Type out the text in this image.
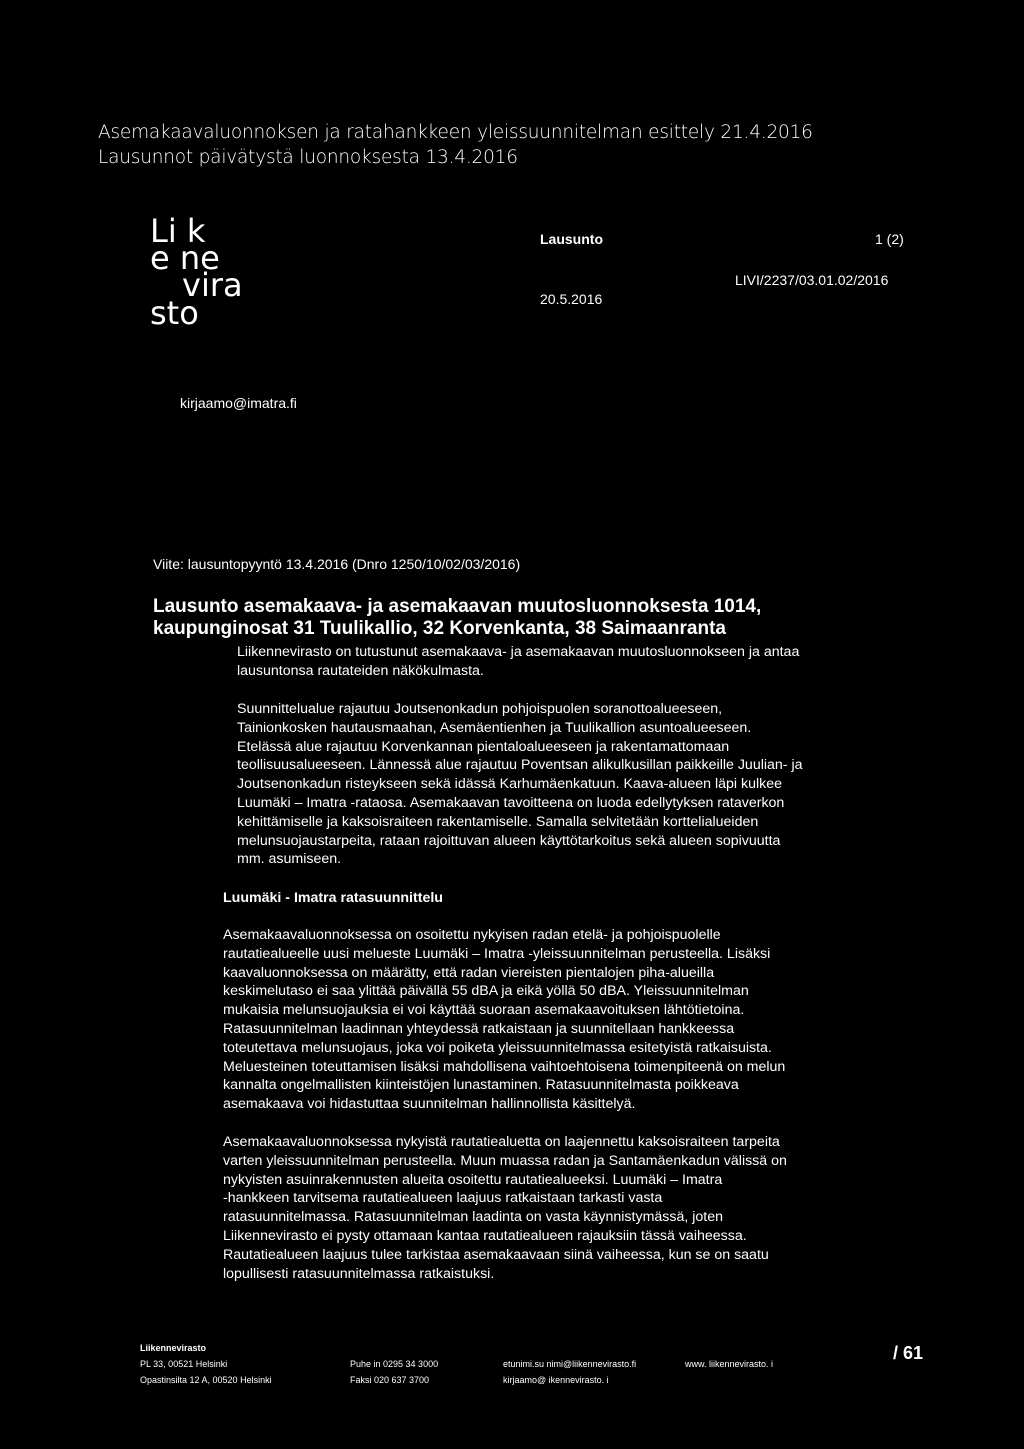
Asemakaavaluonnoksen ja ratahankkeen yleissuunnitelman esittely 21.4.2016
Lausunnot päivätystä luonnoksesta 13.4.2016
Li k
e ne
vira
sto
Lausunto	1 (2)
20.5.2016
LIVI/2237/03.01.02/2016
kirjaamo@imatra.fi
Viite: lausuntopyyntö 13.4.2016 (Dnro 1250/10/02/03/2016)
Lausunto asemakaava- ja asemakaavan muutosluonnoksesta 1014,
kaupunginosat 31 Tuulikallio, 32 Korvenkanta, 38 Saimaanranta
Liikennevirasto on tutustunut asemakaava- ja asemakaavan muutosluonnokseen ja antaa
lausuntonsa rautateiden näkökulmasta.
Suunnittelualue rajautuu Joutsenonkadun pohjoispuolen soranottoalueeseen,
Tainionkosken hautausmaahan, Asemäentienhen ja Tuulikallion asuntoalueeseen.
Etelässä alue rajautuu Korvenkannan pientaloalueeseen ja rakentamattomaan
teollisuusalueeseen. Lännessä alue rajautuu Poventsan alikulkusillan paikkeille Juulian- ja
Joutsenonkadun risteykseen sekä idässä Karhumäenkatuun. Kaava-alueen läpi kulkee
Luumäki – Imatra -rataosa. Asemakaavan tavoitteena on luoda edellytyksen rataverkon
kehittämiselle ja kaksoisraiteen rakentamiselle. Samalla selvitetään korttelialueiden
melunsuojaustarpeita, rataan rajoittuvan alueen käyttötarkoitus sekä alueen sopivuutta
mm. asumiseen.
Luumäki - Imatra ratasuunnittelu
Asemakaavaluonnoksessa on osoitettu nykyisen radan etelä- ja pohjoispuolelle
rautatiealueelle uusi melueste Luumäki – Imatra -yleissuunnitelman perusteella. Lisäksi
kaavaluonnoksessa on määrätty, että radan viereisten pientalojen piha-alueilla
keskimelutaso ei saa ylittää päivällä 55 dBA ja eikä yöllä 50 dBA. Yleissuunnitelman
mukaisia melunsuojauksia ei voi käyttää suoraan asemakaavoituksen lähtötietoina.
Ratasuunnitelman laadinnan yhteydessä ratkaistaan ja suunnitellaan hankkeessa
toteutettava melunsuojaus, joka voi poiketa yleissuunnitelmassa esitetyistä ratkaisuista.
Meluesteinen toteuttamisen lisäksi mahdollisena vaihtoehtoisena toimenpiteenä on melun
kannalta ongelmallisten kiinteistöjen lunastaminen. Ratasuunnitelmasta poikkeava
asemakaava voi hidastuttaa suunnitelman hallinnollista käsittelyä.
Asemakaavaluonnoksessa nykyistä rautatiealuetta on laajennettu kaksoisraiteen tarpeita
varten yleissuunnitelman perusteella. Muun muassa radan ja Santamäenkadun välissä on
nykyisten asuinrakennusten alueita osoitettu rautatiealueeksi. Luumäki – Imatra
-hankkeen tarvitsema rautatiealueen laajuus ratkaistaan tarkasti vasta
ratasuunnitelmassa. Ratasuunnitelman laadinta on vasta käynnistymässä, joten
Liikennevirasto ei pysty ottamaan kantaa rautatiealueen rajauksiin tässä vaiheessa.
Rautatiealueen laajuus tulee tarkistaa asemakaavaan siinä vaiheessa, kun se on saatu
lopullisesti ratasuunnitelmassa ratkaistuksi.
Liikennevirasto
PL 33, 00521 Helsinki
Opastinsilta 12 A, 00520 Helsinki
Puhe in 0295 34 3000
Faksi 020 637 3700
etunimi.su nimi@liikennevirasto.fi
kirjaamo@ ikennevirasto. i
www. liikennevirasto. i
/ 61
